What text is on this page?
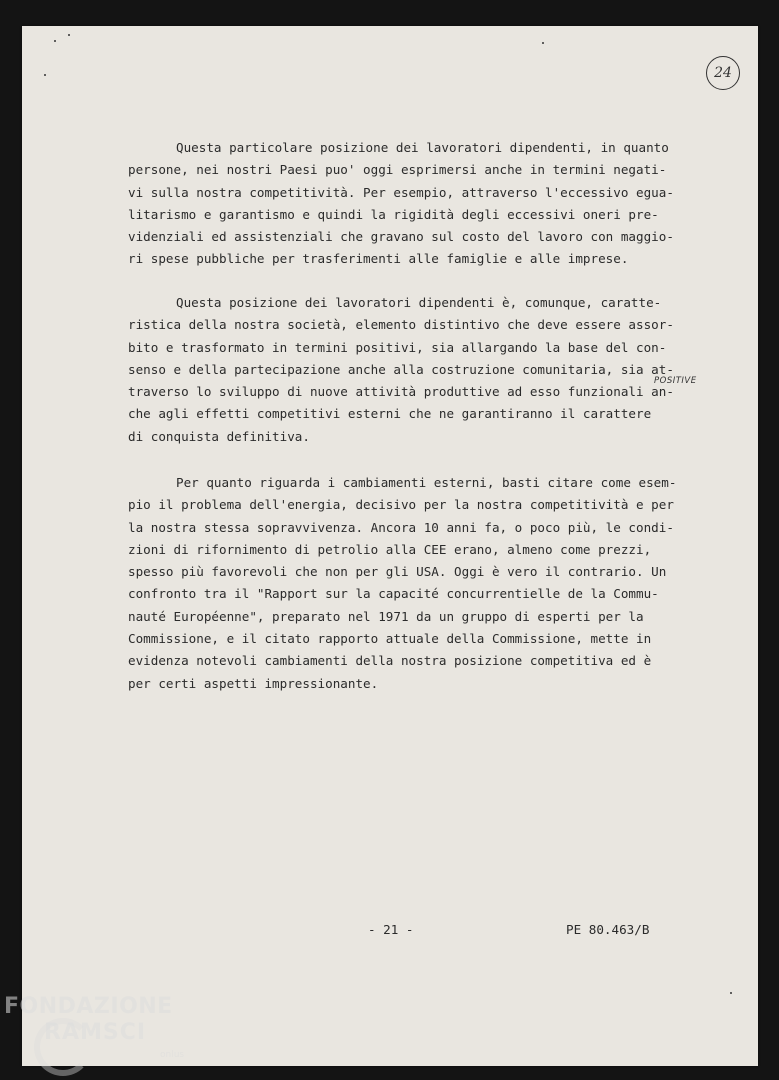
24
Questa particolare posizione dei lavoratori dipendenti, in quanto
persone, nei nostri Paesi puo' oggi esprimersi anche in termini negati-
vi sulla nostra competitività. Per esempio, attraverso l'eccessivo egua-
litarismo e garantismo e quindi la rigidità degli eccessivi oneri pre-
videnziali ed assistenziali che gravano sul costo del lavoro con maggio-
ri spese pubbliche per trasferimenti alle famiglie e alle imprese.
Questa posizione dei lavoratori dipendenti è, comunque, caratte-
ristica della nostra società, elemento distintivo che deve essere assor-
bito e trasformato in termini positivi, sia allargando la base del con-
senso e della partecipazione anche alla costruzione comunitaria, sia at-
traverso lo sviluppo di nuove attività produttive ad esso funzionali an-
che agli effetti competitivi esterni che ne garantiranno il carattere
di conquista definitiva.
POSITIVE
Per quanto riguarda i cambiamenti esterni, basti citare come esem-
pio il problema dell'energia, decisivo per la nostra competitività e per
la nostra stessa sopravvivenza. Ancora 10 anni fa, o poco più, le condi-
zioni di rifornimento di petrolio alla CEE erano, almeno come prezzi,
spesso più favorevoli che non per gli USA. Oggi è vero il contrario. Un
confronto tra il "Rapport sur la capacité concurrentielle de la Commu-
nauté Européenne", preparato nel 1971 da un gruppo di esperti per la
Commissione, e il citato rapporto attuale della Commissione, mette in
evidenza notevoli cambiamenti della nostra posizione competitiva ed è
per certi aspetti impressionante.
- 21 -	PE 80.463/B
FONDAZIONE
RAMSCI
onlus
